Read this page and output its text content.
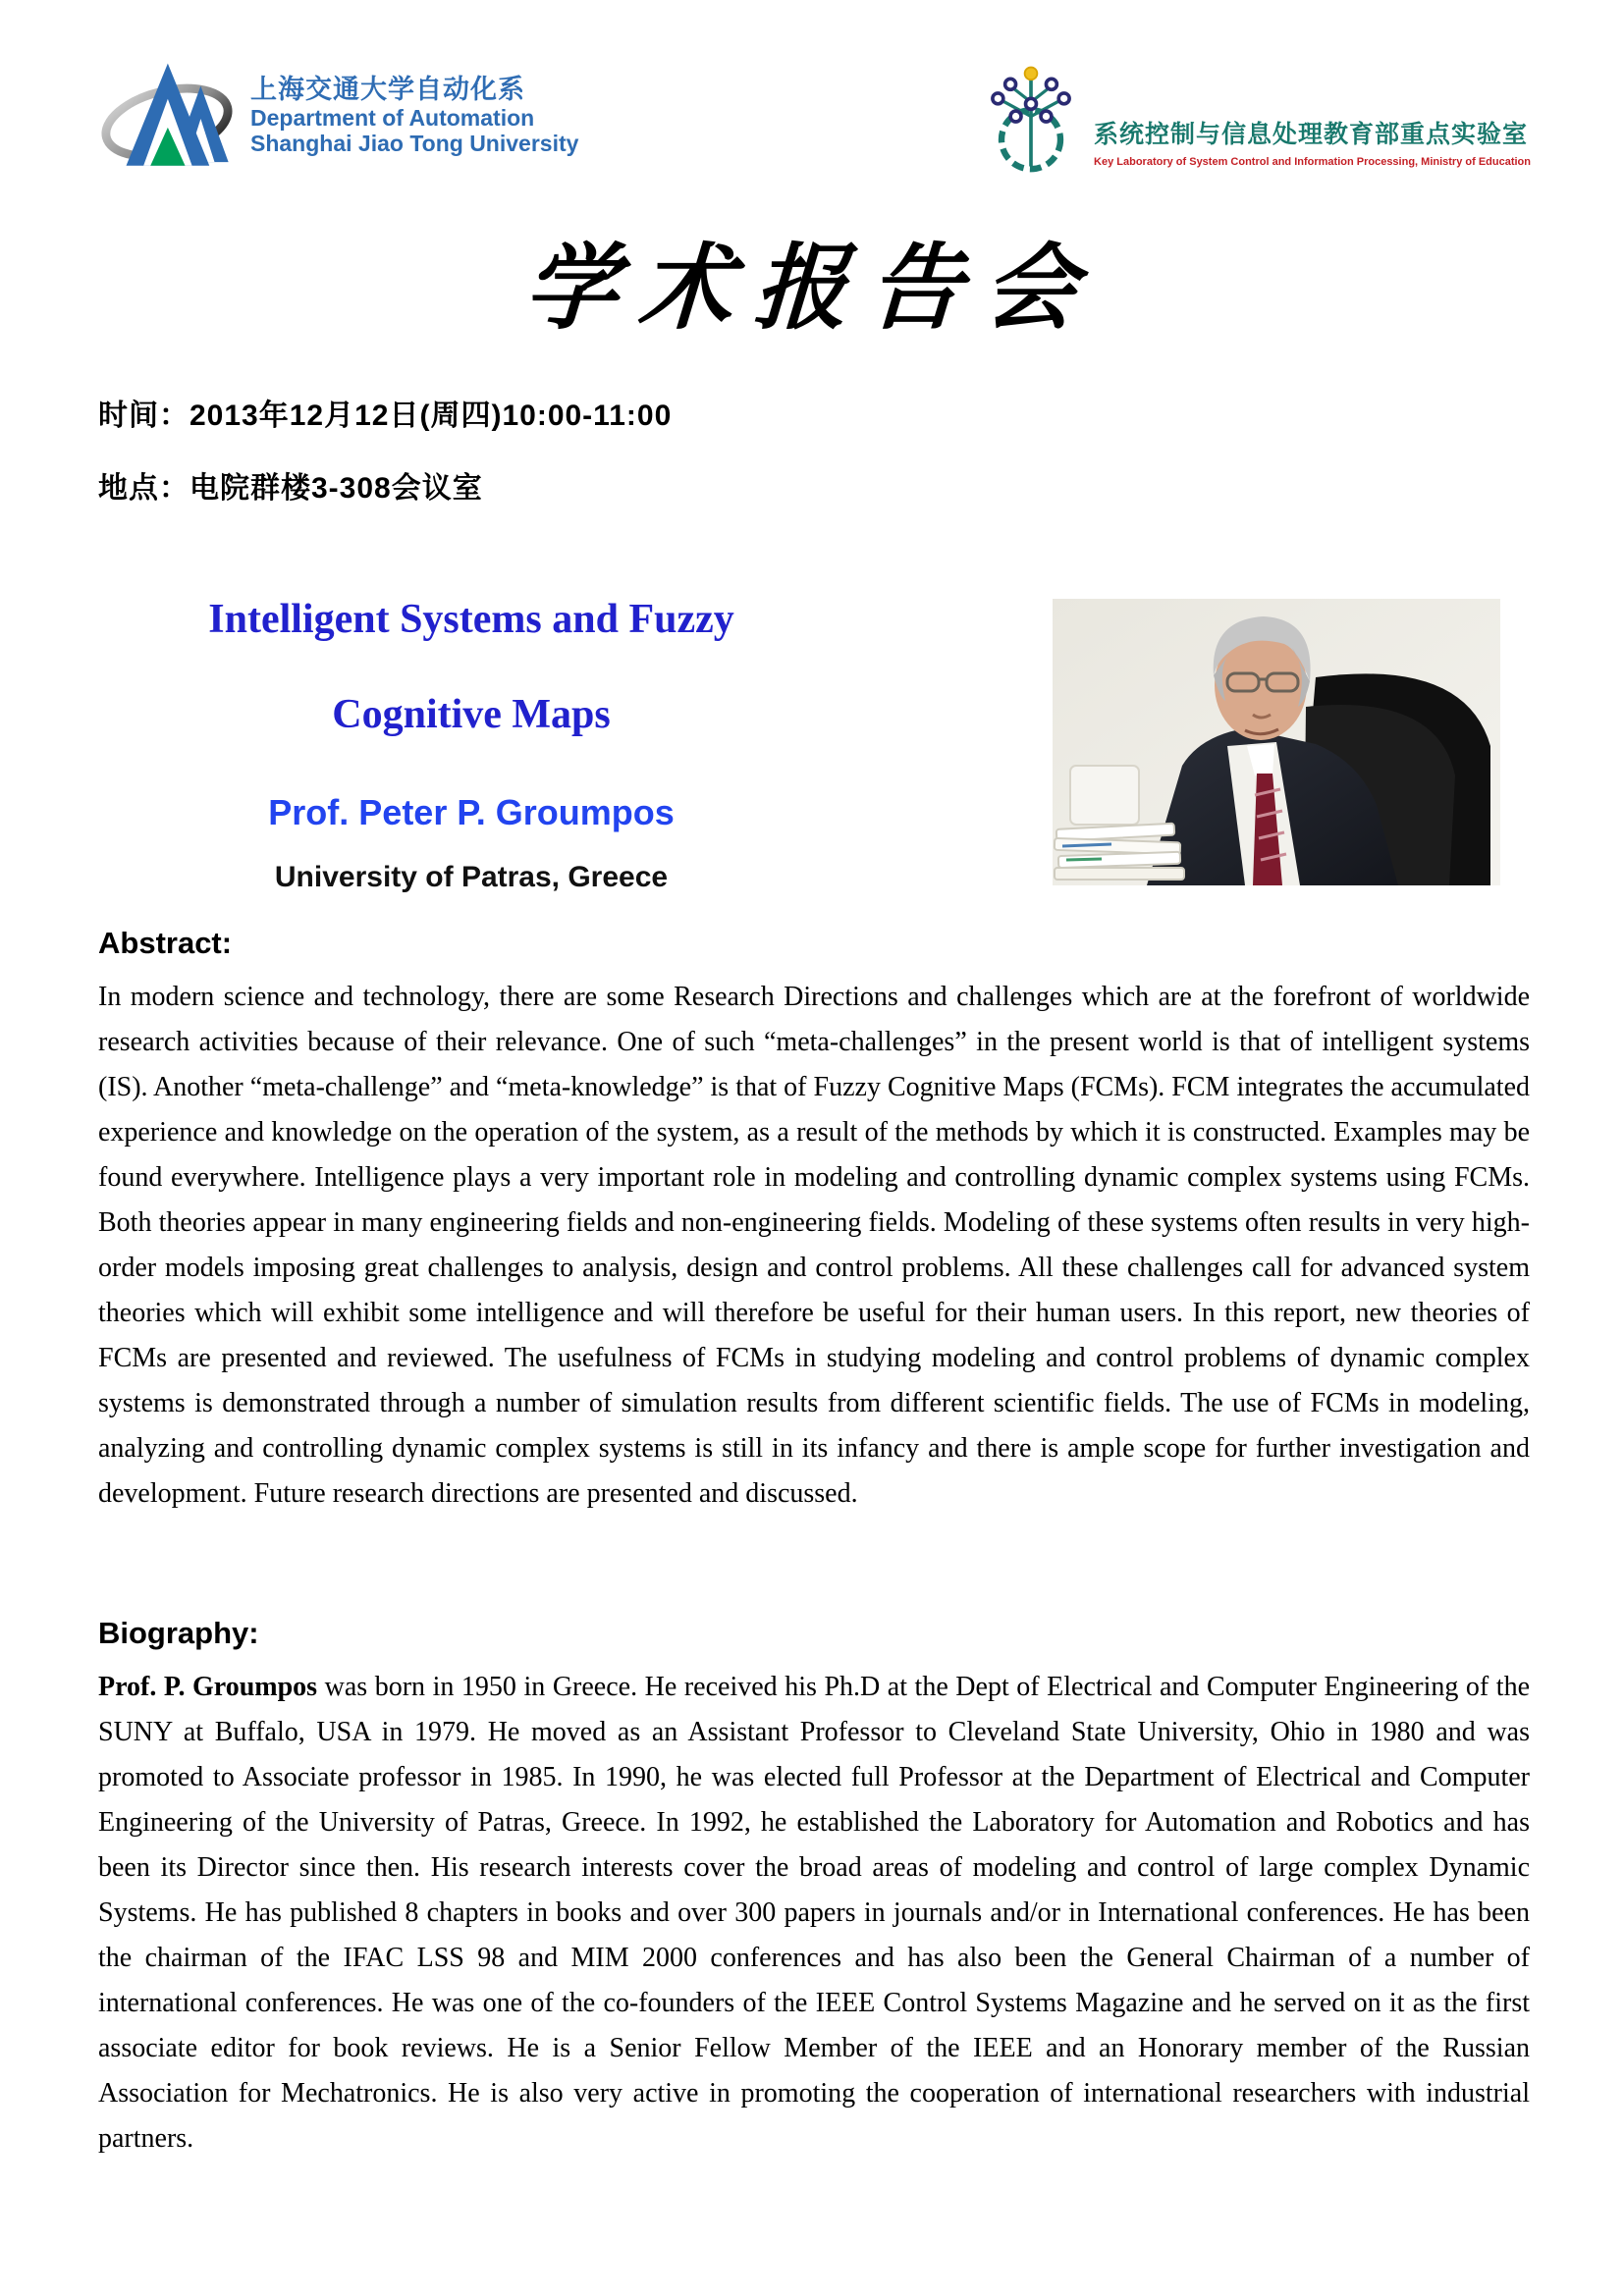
上海交通大学自动化系
Department of Automation
Shanghai Jiao Tong University	系统控制与信息处理教育部重点实验室
Key Laboratory of System Control and Information Processing, Ministry of Education
学术报告会
时间：2013年12月12日(周四)10:00-11:00
地点：电院群楼3-308会议室
Intelligent Systems and Fuzzy
Cognitive Maps
Prof. Peter P. Groumpos
University of Patras, Greece
Abstract:
In modern science and technology, there are some Research Directions and challenges which are at the forefront of worldwide research activities because of their relevance. One of such “meta-challenges” in the present world is that of intelligent systems (IS). Another “meta-challenge” and “meta-knowledge” is that of Fuzzy Cognitive Maps (FCMs). FCM integrates the accumulated experience and knowledge on the operation of the system, as a result of the methods by which it is constructed. Examples may be found everywhere. Intelligence plays a very important role in modeling and controlling dynamic complex systems using FCMs. Both theories appear in many engineering fields and non-engineering fields. Modeling of these systems often results in very high-order models imposing great challenges to analysis, design and control problems. All these challenges call for advanced system theories which will exhibit some intelligence and will therefore be useful for their human users. In this report, new theories of FCMs are presented and reviewed. The usefulness of FCMs in studying modeling and control problems of dynamic complex systems is demonstrated through a number of simulation results from different scientific fields. The use of FCMs in modeling, analyzing and controlling dynamic complex systems is still in its infancy and there is ample scope for further investigation and development. Future research directions are presented and discussed.
Biography:
Prof. P. Groumpos was born in 1950 in Greece. He received his Ph.D at the Dept of Electrical and Computer Engineering of the SUNY at Buffalo, USA in 1979. He moved as an Assistant Professor to Cleveland State University, Ohio in 1980 and was promoted to Associate professor in 1985. In 1990, he was elected full Professor at the Department of Electrical and Computer Engineering of the University of Patras, Greece. In 1992, he established the Laboratory for Automation and Robotics and has been its Director since then. His research interests cover the broad areas of modeling and control of large complex Dynamic Systems. He has published 8 chapters in books and over 300 papers in journals and/or in International conferences. He has been the chairman of the IFAC LSS 98 and MIM 2000 conferences and has also been the General Chairman of a number of international conferences. He was one of the co-founders of the IEEE Control Systems Magazine and he served on it as the first associate editor for book reviews. He is a Senior Fellow Member of the IEEE and an Honorary member of the Russian Association for Mechatronics. He is also very active in promoting the cooperation of international researchers with industrial partners.
